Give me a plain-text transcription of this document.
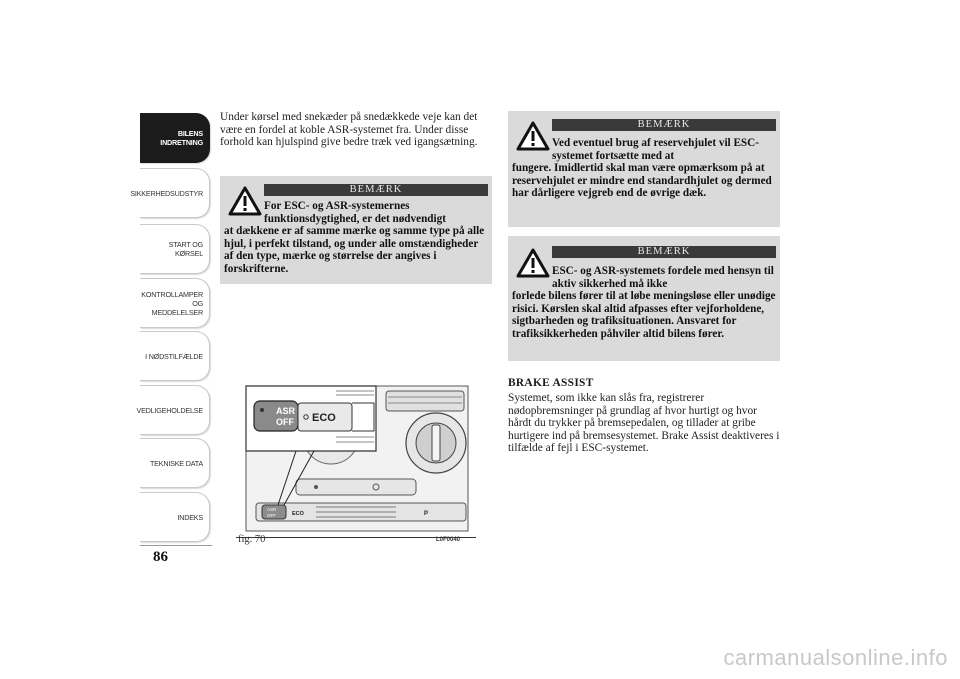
BILENS
INDRETNING
SIKKERHEDSUDSTYR
START OG KØRSEL
KONTROLLAMPER
OG MEDDELELSER
I NØDSTILFÆLDE
VEDLIGEHOLDELSE
TEKNISKE DATA
INDEKS
86

Under kørsel med snekæder på snedækkede veje kan det være en fordel at koble ASR-systemet fra. Under disse forhold kan hjulspind give bedre træk ved igangsætning.

BEMÆRK
For ESC- og ASR-systemernes funktionsdygtighed, er det nødvendigt
at dækkene er af samme mærke og samme type på alle hjul, i perfekt tilstand, og under alle omstændigheder af den type, mærke og størrelse der angives i forskrifterne.
ASR
OFF	ECO	P
ASR
OFF ECO
fig. 70	L0F0040
BEMÆRK
Ved eventuel brug af reservehjulet vil ESC-systemet fortsætte med at
fungere. Imidlertid skal man være opmærksom på at reservehjulet er mindre end standardhjulet og dermed har dårligere vejgreb end de øvrige dæk.
BEMÆRK
ESC- og ASR-systemets fordele med hensyn til aktiv sikkerhed må ikke
forlede bilens fører til at løbe meningsløse eller unødige risici. Kørslen skal altid afpasses efter vejforholdene, sigtbarheden og trafiksituationen. Ansvaret for trafiksikkerheden påhviler altid bilens fører.
BRAKE ASSIST

Systemet, som ikke kan slås fra, registrerer nødopbremsninger på grundlag af hvor hurtigt og hvor hårdt du trykker på bremsepedalen, og tillader at gribe hurtigere ind på bremsesystemet. Brake Assist deaktiveres i tilfælde af fejl i ESC-systemet.

carmanualsonline.info
